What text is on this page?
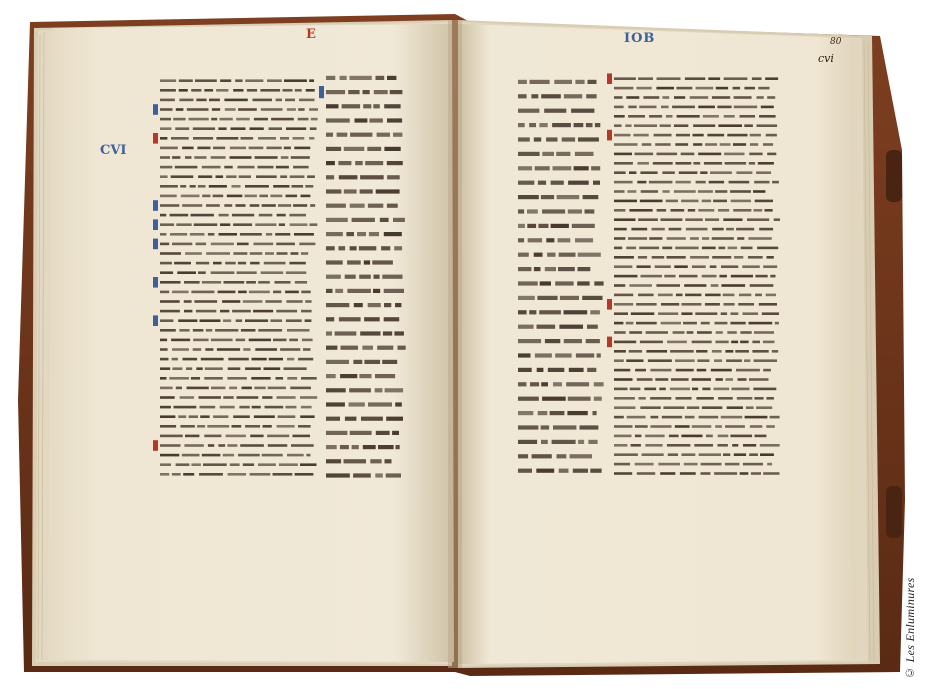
E	IOB	80
cvi
CVI
© Les Enluminures
